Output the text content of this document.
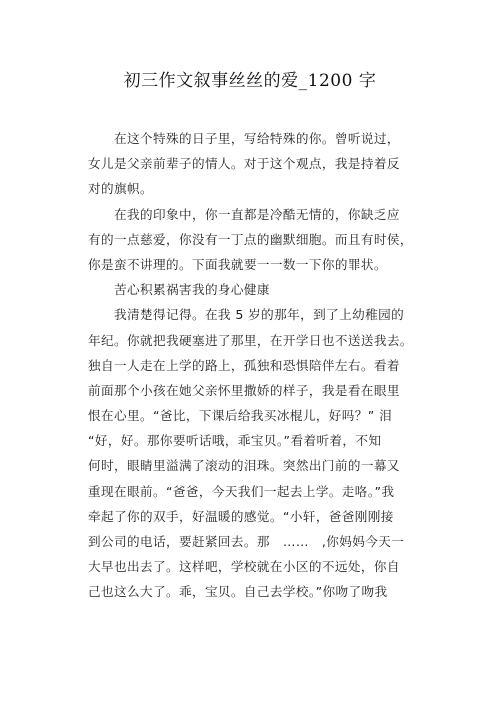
初三作文叙事丝丝的爱_1200 字
　　在这个特殊的日子里，写给特殊的你。曾听说过，
女儿是父亲前辈子的情人。对于这个观点，我是持着反
对的旗帜。
　　在我的印象中，你一直都是冷酷无情的，你缺乏应
有的一点慈爱，你没有一丁点的幽默细胞。而且有时侯，
你是蛮不讲理的。下面我就要一一数一下你的罪状。
　　苦心积累祸害我的身心健康
　　我清楚得记得。在我 5 岁的那年，到了上幼稚园的
年纪。你就把我硬塞进了那里，在开学日也不送送我去。
独自一人走在上学的路上，孤独和恐惧陪伴左右。看着
前面那个小孩在她父亲怀里撒娇的样子，我是看在眼里
恨在心里。“爸比，下课后给我买冰棍儿，好吗？” 泪
“好，好。那你要听话哦，乖宝贝。”看着听着，不知
何时，眼睛里溢满了滚动的泪珠。突然出门前的一幕又
重现在眼前。“爸爸，今天我们一起去上学。走咯。”我
牵起了你的双手，好温暖的感觉。“小轩，爸爸刚刚接
到公司的电话，要赶紧回去。那　……　,你妈妈今天一
大早也出去了。这样吧，学校就在小区的不远处，你自
己也这么大了。乖，宝贝。自己去学校。”你吻了吻我
